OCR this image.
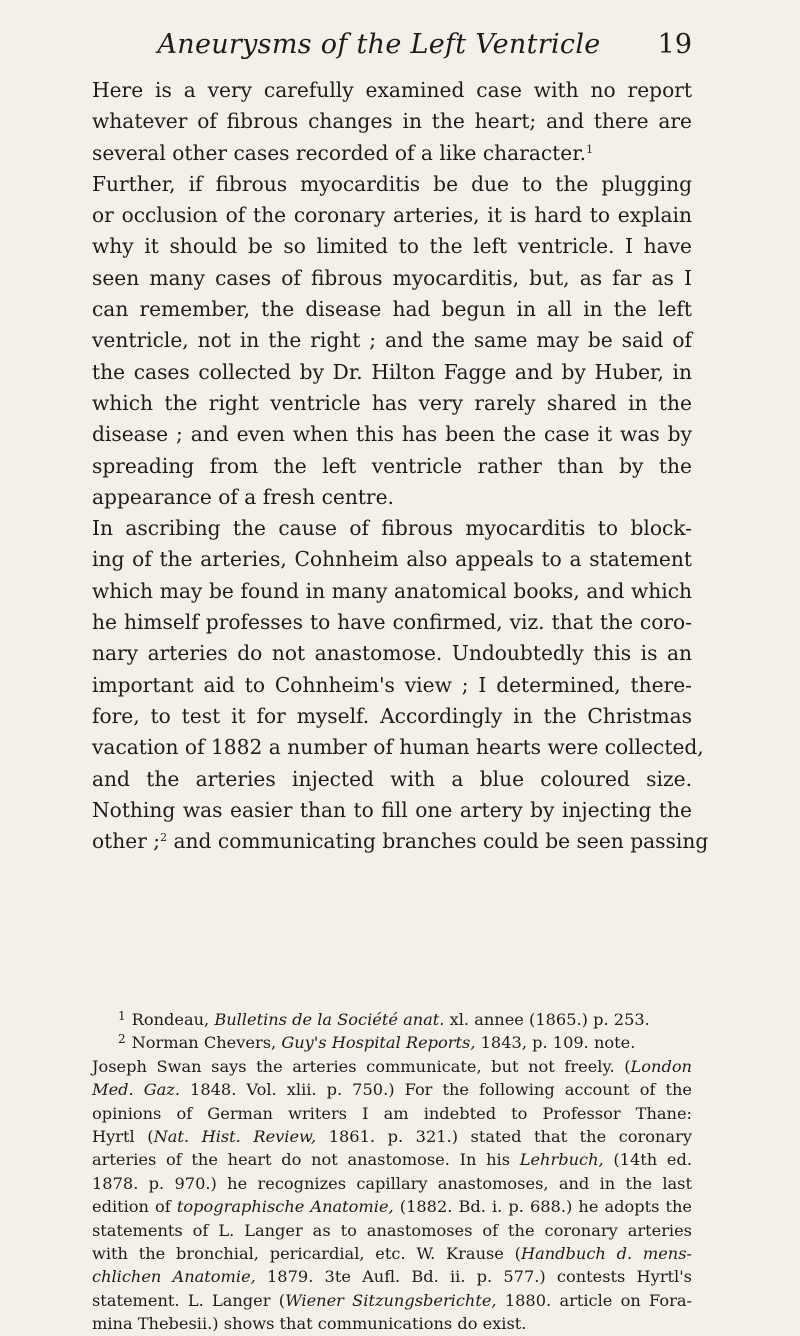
Aneurysms of the Left Ventricle	19
Here is a very carefully examined case with no report
whatever of fibrous changes in the heart; and there are
several other cases recorded of a like character.$^1$
Further, if fibrous myocarditis be due to the plugging
or occlusion of the coronary arteries, it is hard to explain
why it should be so limited to the left ventricle. I have
seen many cases of fibrous myocarditis, but, as far as I
can remember, the disease had begun in all in the left
ventricle, not in the right ; and the same may be said of
the cases collected by Dr. Hilton Fagge and by Huber, in
which the right ventricle has very rarely shared in the
disease ; and even when this has been the case it was by
spreading from the left ventricle rather than by the
appearance of a fresh centre.
In ascribing the cause of fibrous myocarditis to block-
ing of the arteries, Cohnheim also appeals to a statement
which may be found in many anatomical books, and which
he himself professes to have confirmed, viz. that the coro-
nary arteries do not anastomose. Undoubtedly this is an
important aid to Cohnheim's view ; I determined, there-
fore, to test it for myself. Accordingly in the Christmas
vacation of 1882 a number of human hearts were collected,
and the arteries injected with a blue coloured size.
Nothing was easier than to fill one artery by injecting the
other ;$^2$ and communicating branches could be seen passing
$^1$ Rondeau, Bulletins de la Société anat. xl. annee (1865.) p. 253.
$^2$ Norman Chevers, Guy's Hospital Reports, 1843, p. 109. note.
Joseph Swan says the arteries communicate, but not freely. (London
Med. Gaz. 1848. Vol. xlii. p. 750.) For the following account of the
opinions of German writers I am indebted to Professor Thane:
Hyrtl (Nat. Hist. Review, 1861. p. 321.) stated that the coronary
arteries of the heart do not anastomose. In his Lehrbuch, (14th ed.
1878. p. 970.) he recognizes capillary anastomoses, and in the last
edition of topographische Anatomie, (1882. Bd. i. p. 688.) he adopts the
statements of L. Langer as to anastomoses of the coronary arteries
with the bronchial, pericardial, etc. W. Krause (Handbuch d. mens-
chlichen Anatomie, 1879. 3te Aufl. Bd. ii. p. 577.) contests Hyrtl's
statement. L. Langer (Wiener Sitzungsberichte, 1880. article on Fora-
mina Thebesii.) shows that communications do exist.
